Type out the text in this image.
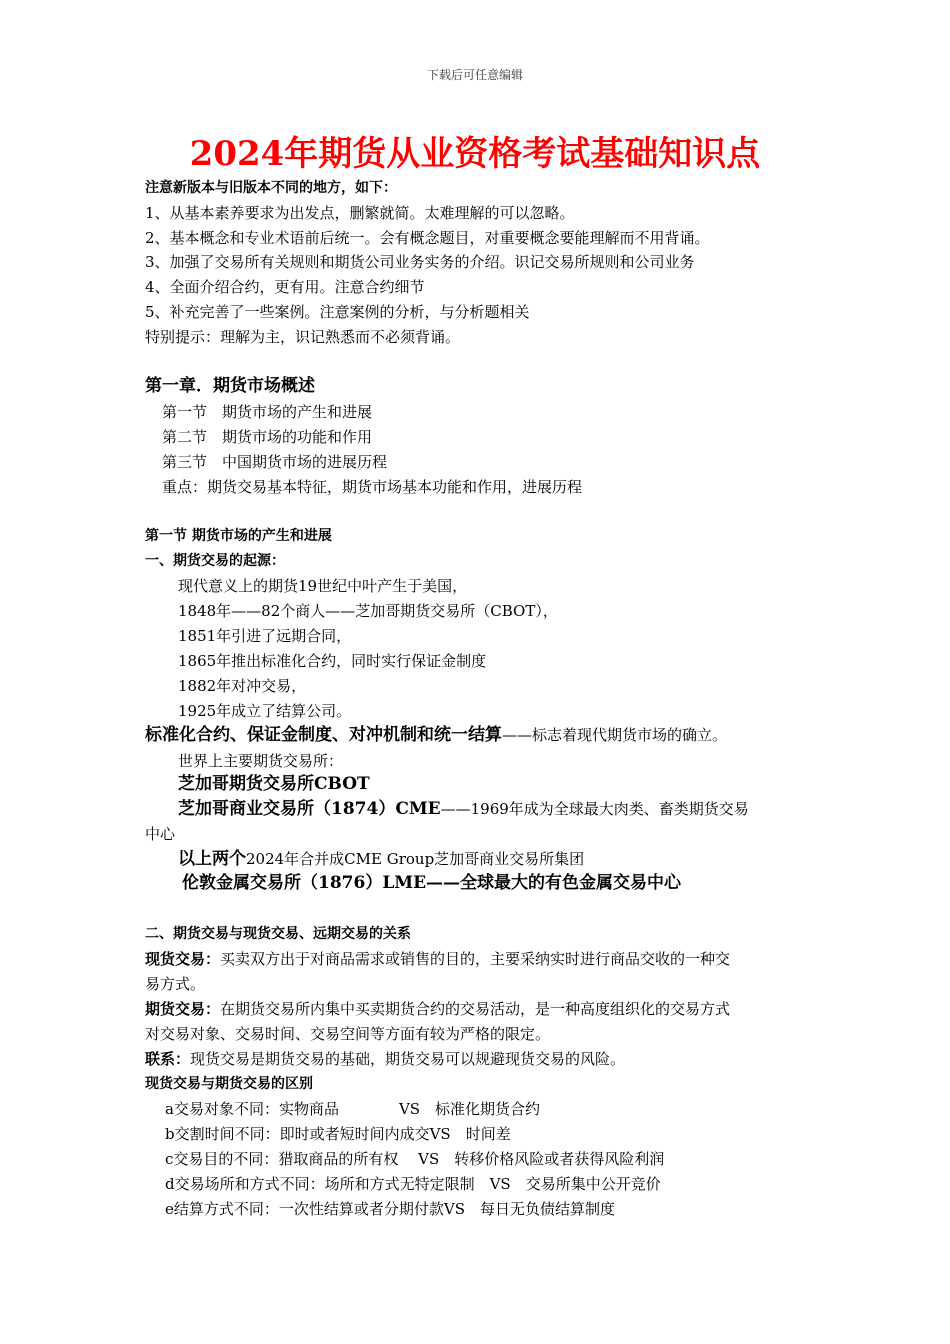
下载后可任意编辑
2024年期货从业资格考试基础知识点
注意新版本与旧版本不同的地方，如下：
1、从基本素养要求为出发点，删繁就简。太难理解的可以忽略。
2、基本概念和专业术语前后统一。会有概念题目，对重要概念要能理解而不用背诵。
3、加强了交易所有关规则和期货公司业务实务的介绍。识记交易所规则和公司业务
4、全面介绍合约，更有用。注意合约细节
5、补充完善了一些案例。注意案例的分析，与分析题相关
特别提示：理解为主，识记熟悉而不必须背诵。
第一章．期货市场概述
第一节　期货市场的产生和进展
第二节　期货市场的功能和作用
第三节　中国期货市场的进展历程
重点：期货交易基本特征，期货市场基本功能和作用，进展历程
第一节 期货市场的产生和进展
一、期货交易的起源：
现代意义上的期货19世纪中叶产生于美国，
1848年——82个商人——芝加哥期货交易所（CBOT），
1851年引进了远期合同，
1865年推出标准化合约，同时实行保证金制度
1882年对冲交易，
1925年成立了结算公司。
标准化合约、保证金制度、对冲机制和统一结算——标志着现代期货市场的确立。
世界上主要期货交易所：
芝加哥期货交易所CBOT
芝加哥商业交易所（1874）CME——1969年成为全球最大肉类、畜类期货交易
中心
以上两个2024年合并成CME Group芝加哥商业交易所集团
伦敦金属交易所（1876）LME——全球最大的有色金属交易中心
二、期货交易与现货交易、远期交易的关系
现货交易：买卖双方出于对商品需求或销售的目的，主要采纳实时进行商品交收的一种交
易方式。
期货交易：在期货交易所内集中买卖期货合约的交易活动，是一种高度组织化的交易方式
对交易对象、交易时间、交易空间等方面有较为严格的限定。
联系：现货交易是期货交易的基础，期货交易可以规避现货交易的风险。
现货交易与期货交易的区别
a交易对象不同：实物商品　　　　VS　标准化期货合约
b交割时间不同：即时或者短时间内成交VS　时间差
c交易目的不同：猎取商品的所有权　 VS　转移价格风险或者获得风险利润
d交易场所和方式不同：场所和方式无特定限制　VS　交易所集中公开竞价
e结算方式不同：一次性结算或者分期付款VS　每日无负债结算制度
